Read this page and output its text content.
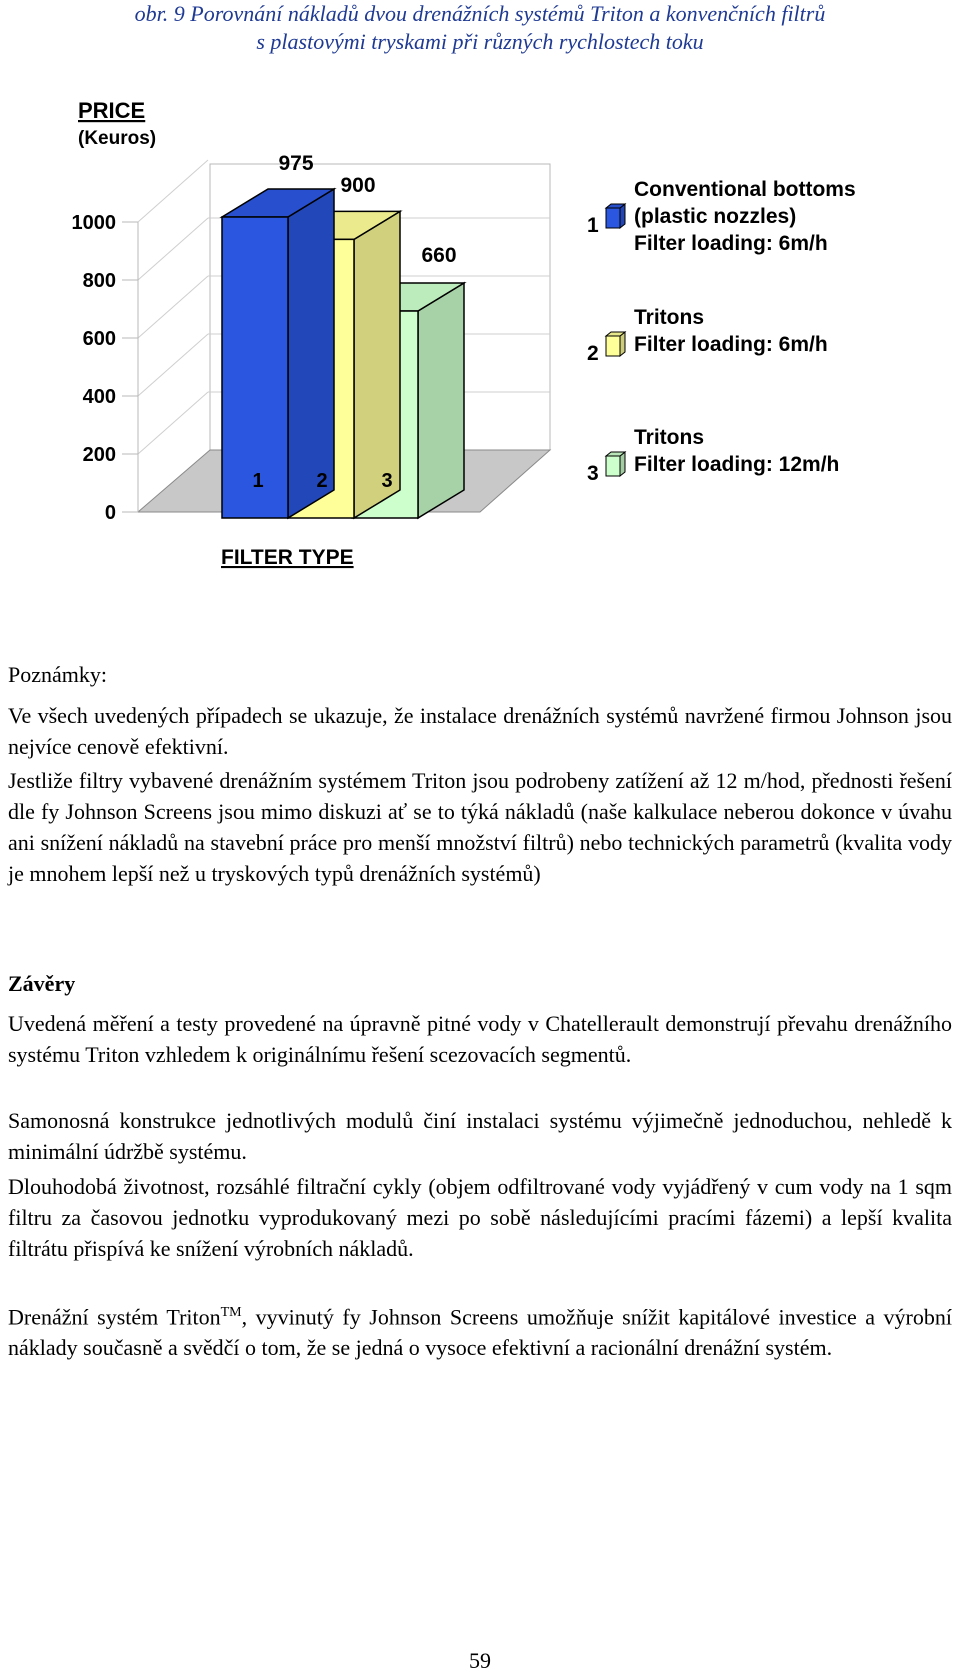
obr. 9 Porovnání nákladů dvou drenážních systémů Triton a konvenčních filtrů
s plastovými tryskami při různých rychlostech toku
PRICE
(Keuros)
FILTER TYPE
0
200
400
600
800
1000
1	2	3
975
900
660
1
Conventional bottoms
(plastic nozzles)
Filter loading: 6m/h
2
Tritons
Filter loading: 6m/h
3
Tritons
Filter loading: 12m/h
Poznámky:

Ve všech uvedených případech se ukazuje, že instalace drenážních systémů navržené firmou Johnson jsou nejvíce cenově efektivní.

Jestliže filtry vybavené drenážním systémem Triton jsou podrobeny zatížení až 12 m/hod, přednosti řešení dle fy Johnson Screens jsou mimo diskuzi ať se to týká nákladů (naše kalkulace neberou dokonce v úvahu ani snížení nákladů na stavební práce pro menší množství filtrů) nebo technických parametrů (kvalita vody je mnohem lepší než u tryskových typů drenážních systémů)

Závěry

Uvedená měření a testy provedené na úpravně pitné vody v Chatellerault demonstrují převahu drenážního systému Triton vzhledem k originálnímu řešení scezovacích segmentů.

Samonosná konstrukce jednotlivých modulů činí instalaci systému výjimečně jednoduchou, nehledě k minimální údržbě systému.

Dlouhodobá životnost, rozsáhlé filtrační cykly (objem odfiltrované vody vyjádřený v cum vody na 1 sqm filtru za časovou jednotku vyprodukovaný mezi po sobě následujícími pracími fázemi) a lepší kvalita filtrátu přispívá ke snížení výrobních nákladů.

Drenážní systém Triton™, vyvinutý fy Johnson Screens umožňuje snížit kapitálové investice a výrobní náklady současně a svědčí o tom, že se jedná o vysoce efektivní a racionální drenážní systém.

59
